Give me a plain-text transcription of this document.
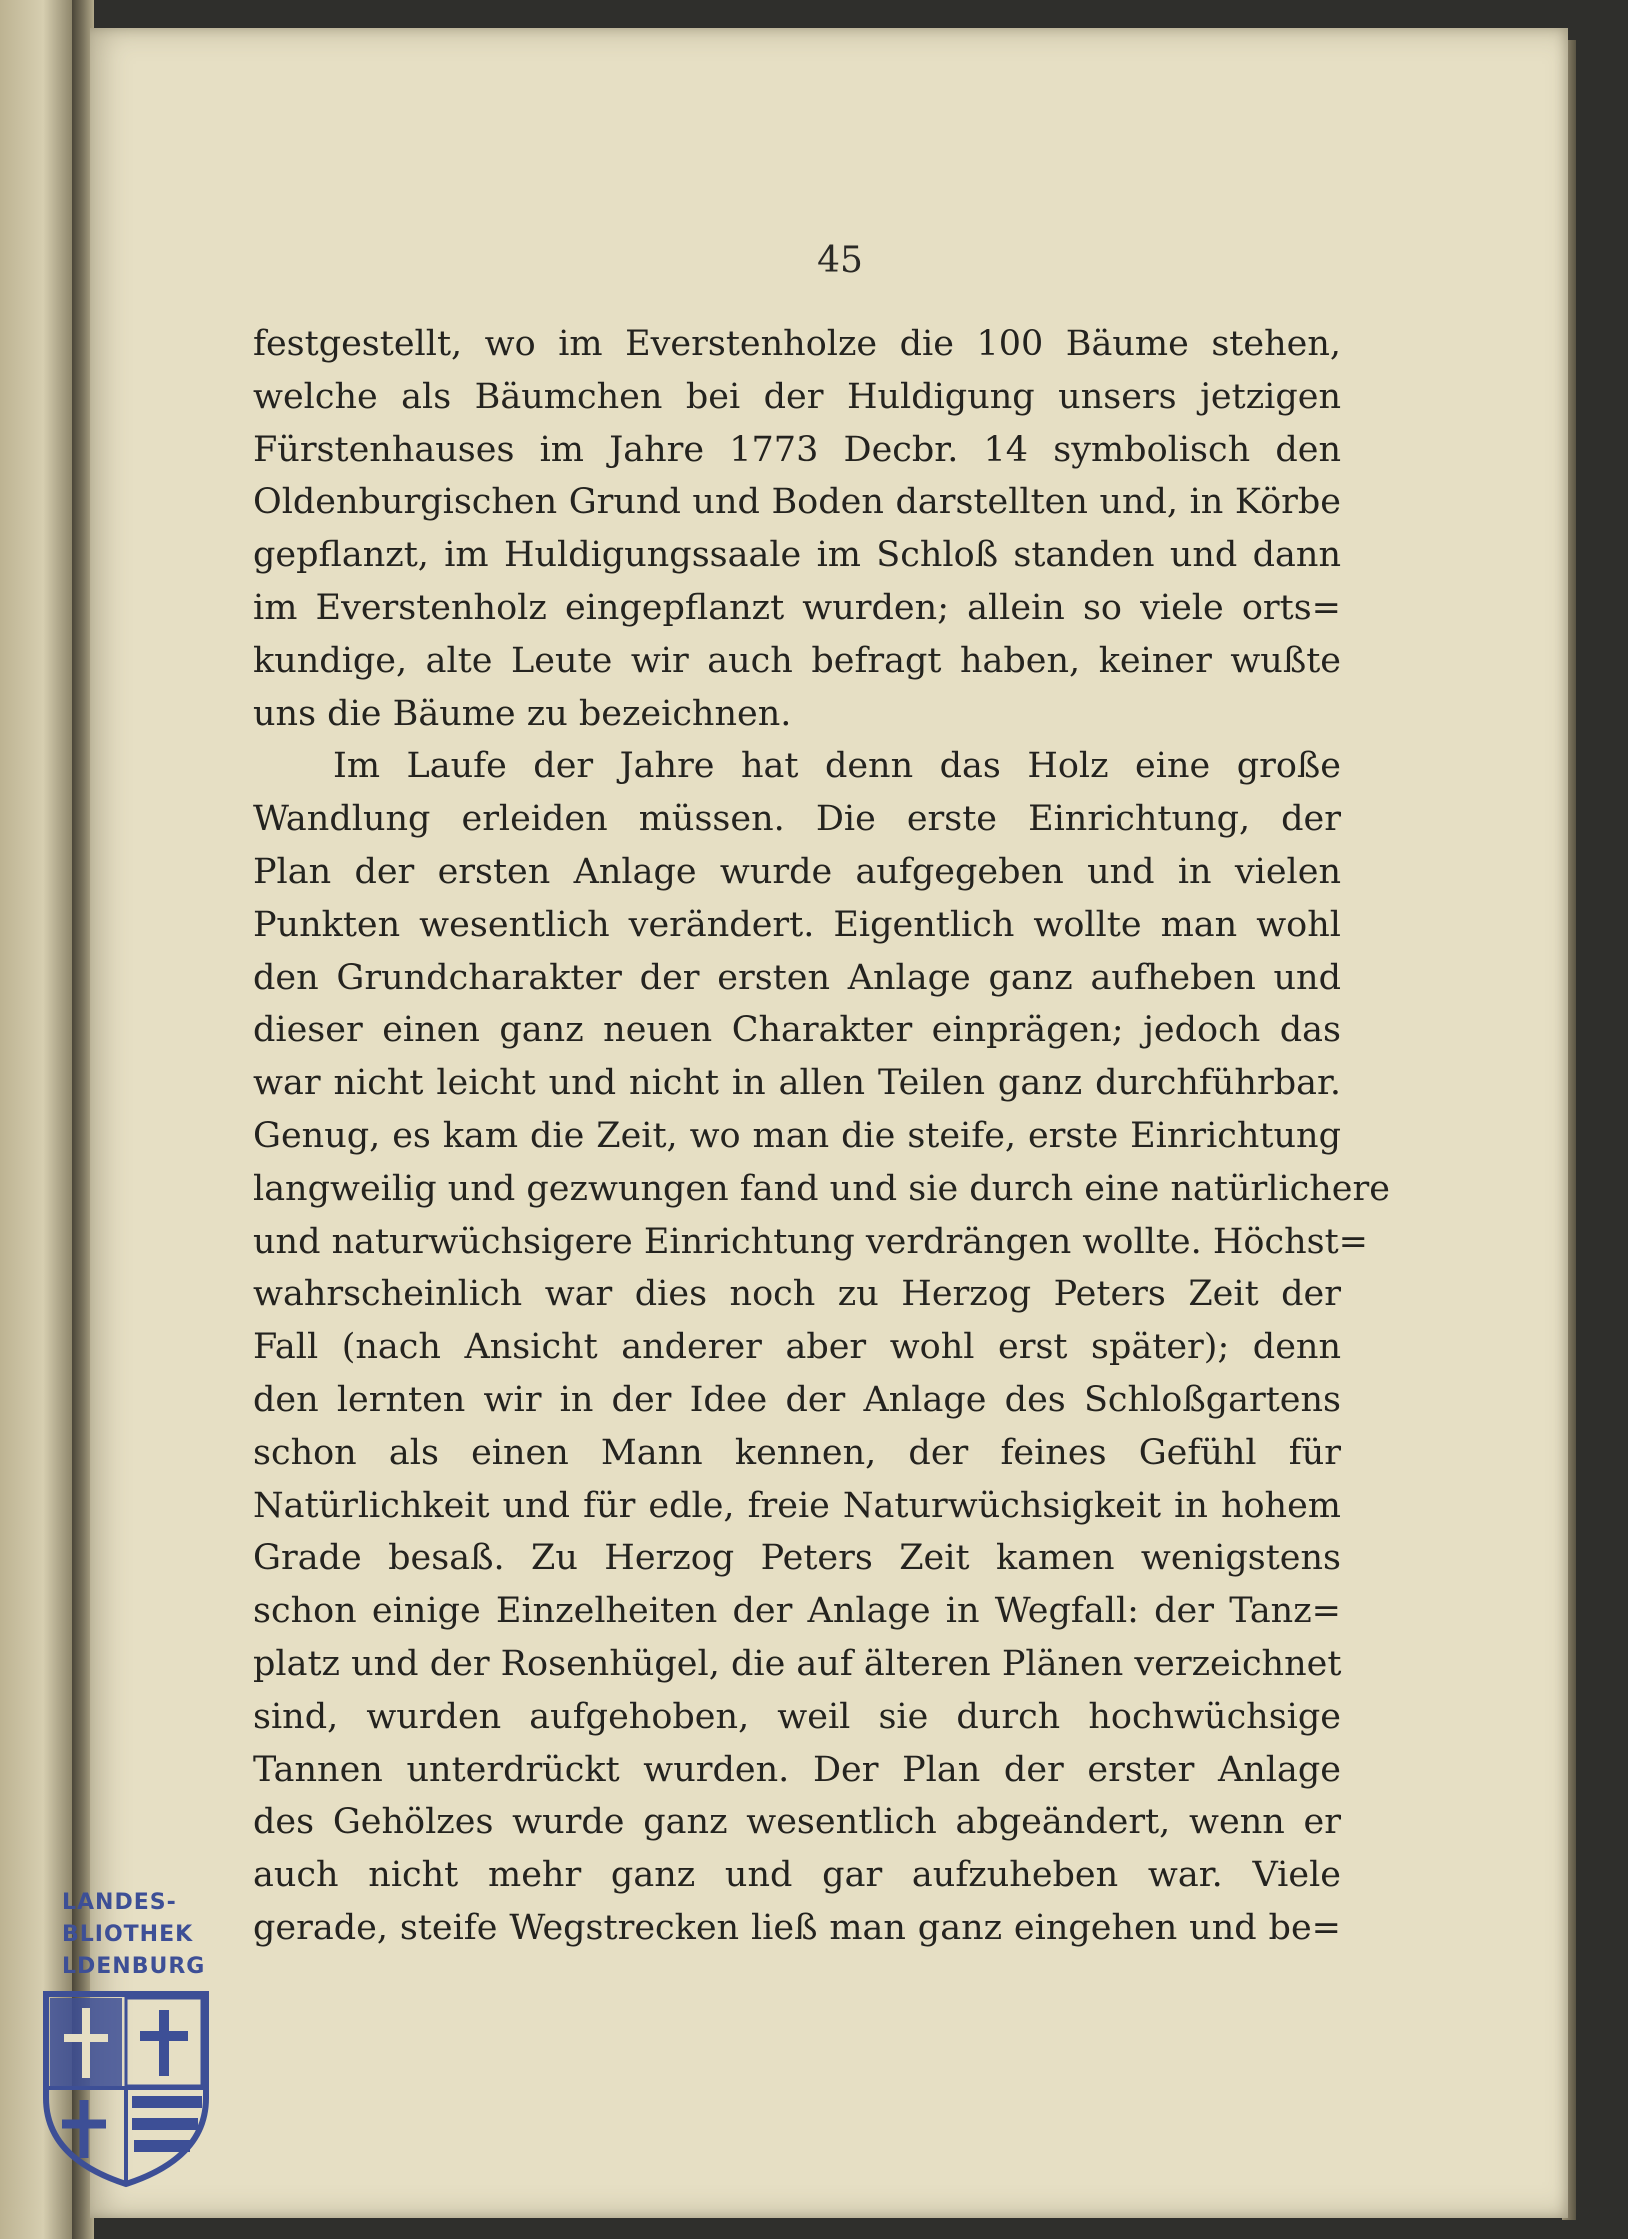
45
festgestellt, wo im Everstenholze die 100 Bäume stehen,
welche als Bäumchen bei der Huldigung unsers jetzigen
Fürstenhauses im Jahre 1773 Decbr. 14 symbolisch den
Oldenburgischen Grund und Boden darstellten und, in Körbe
gepflanzt, im Huldigungssaale im Schloß standen und dann
im Everstenholz eingepflanzt wurden; allein so viele orts=
kundige, alte Leute wir auch befragt haben, keiner wußte
uns die Bäume zu bezeichnen.
Im Laufe der Jahre hat denn das Holz eine große
Wandlung erleiden müssen. Die erste Einrichtung, der
Plan der ersten Anlage wurde aufgegeben und in vielen
Punkten wesentlich verändert. Eigentlich wollte man wohl
den Grundcharakter der ersten Anlage ganz aufheben und
dieser einen ganz neuen Charakter einprägen; jedoch das
war nicht leicht und nicht in allen Teilen ganz durchführbar.
Genug, es kam die Zeit, wo man die steife, erste Einrichtung
langweilig und gezwungen fand und sie durch eine natürlichere
und naturwüchsigere Einrichtung verdrängen wollte. Höchst=
wahrscheinlich war dies noch zu Herzog Peters Zeit der
Fall (nach Ansicht anderer aber wohl erst später); denn
den lernten wir in der Idee der Anlage des Schloßgartens
schon als einen Mann kennen, der feines Gefühl für
Natürlichkeit und für edle, freie Naturwüchsigkeit in hohem
Grade besaß. Zu Herzog Peters Zeit kamen wenigstens
schon einige Einzelheiten der Anlage in Wegfall: der Tanz=
platz und der Rosenhügel, die auf älteren Plänen verzeichnet
sind, wurden aufgehoben, weil sie durch hochwüchsige
Tannen unterdrückt wurden. Der Plan der erster Anlage
des Gehölzes wurde ganz wesentlich abgeändert, wenn er
auch nicht mehr ganz und gar aufzuheben war. Viele
gerade, steife Wegstrecken ließ man ganz eingehen und be=
LANDES-
BLIOTHEK
LDENBURG
